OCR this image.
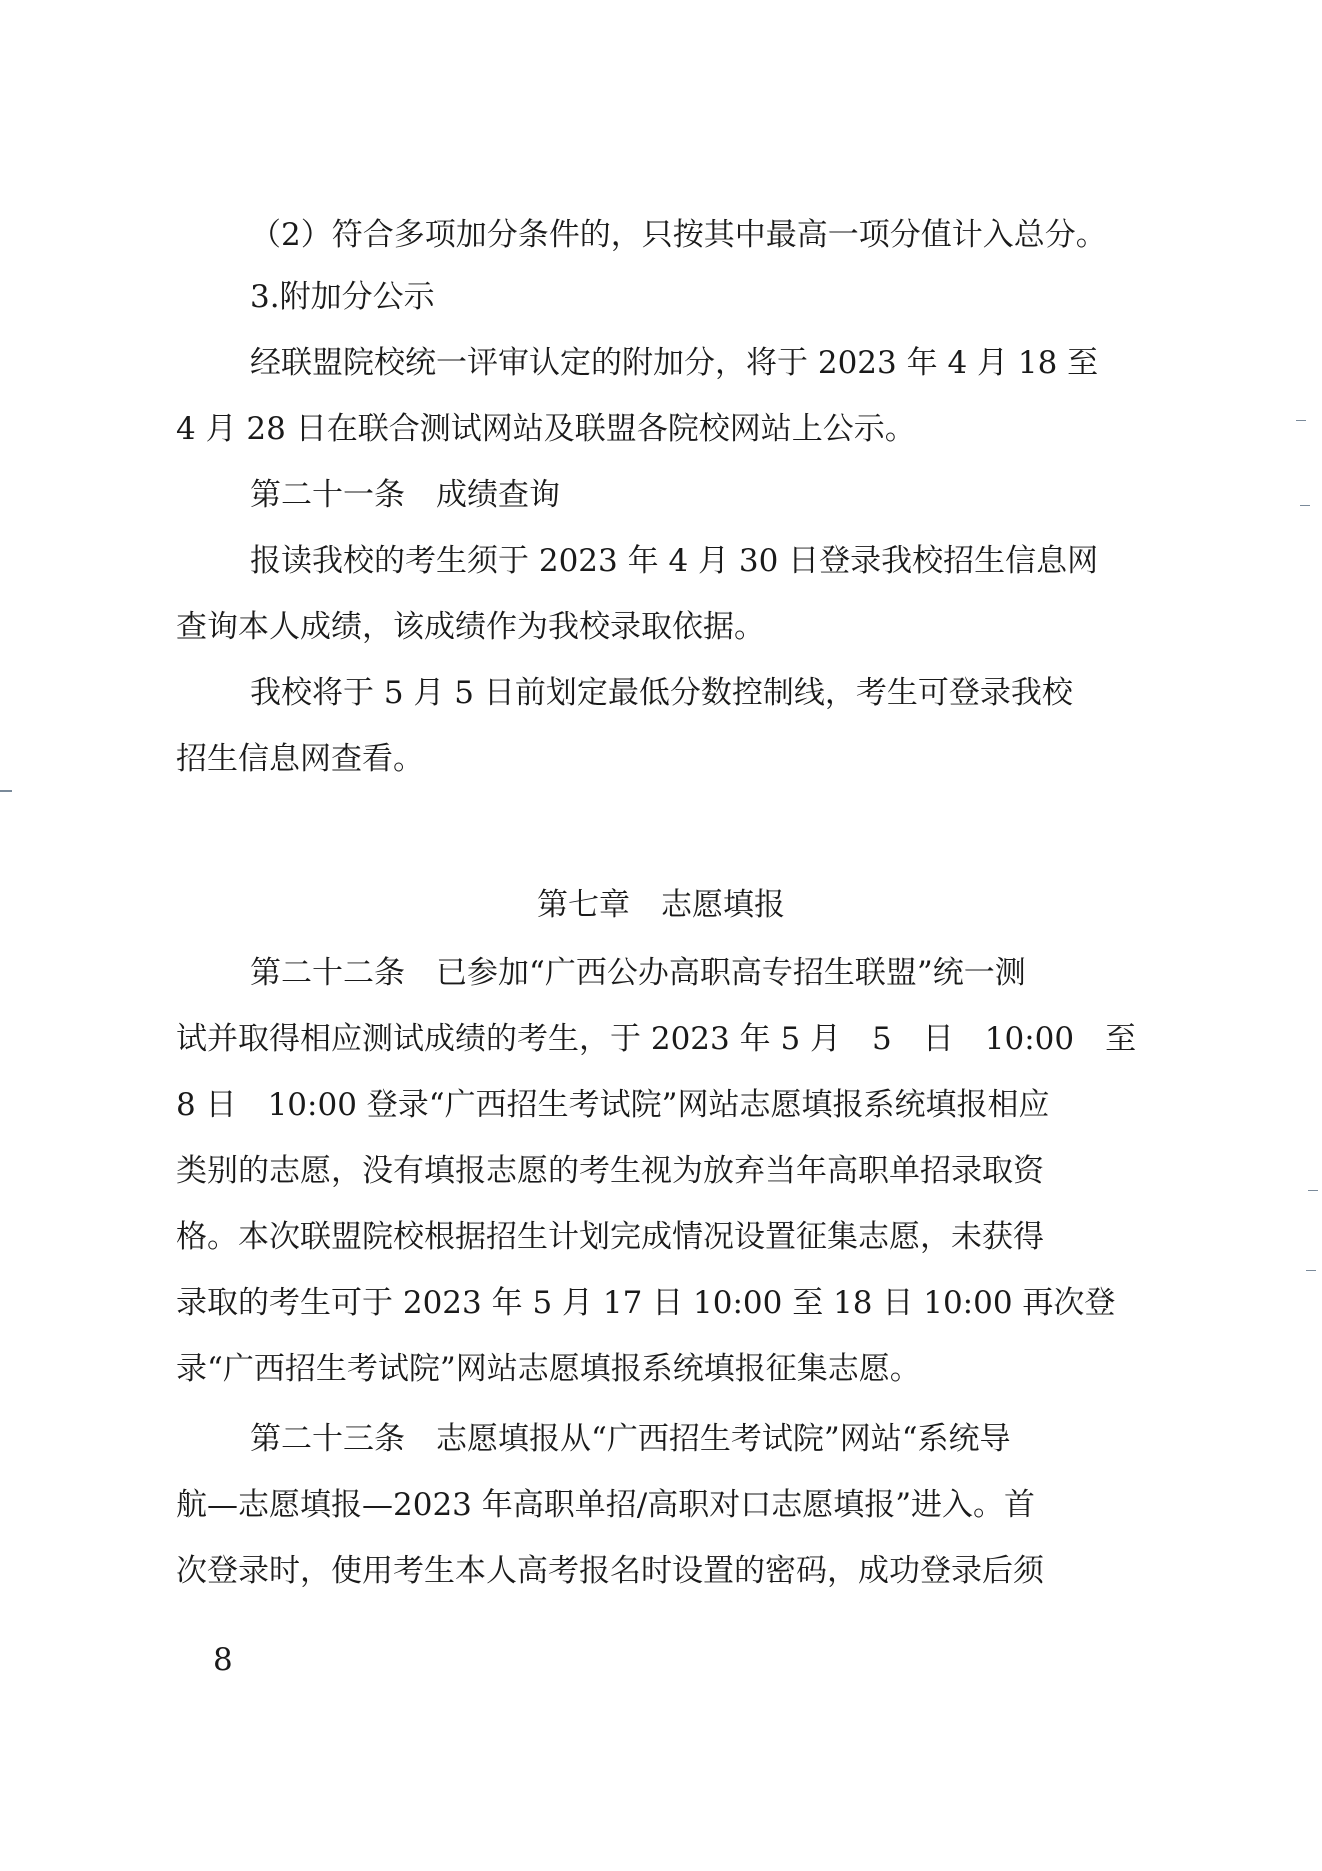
（2）符合多项加分条件的，只按其中最高一项分值计入总分。
3.附加分公示
经联盟院校统一评审认定的附加分，将于 2023 年 4 月 18 至
4 月 28 日在联合测试网站及联盟各院校网站上公示。
第二十一条　成绩查询
报读我校的考生须于 2023 年 4 月 30 日登录我校招生信息网
查询本人成绩，该成绩作为我校录取依据。
我校将于 5 月 5 日前划定最低分数控制线，考生可登录我校
招生信息网查看。
第七章　志愿填报
第二十二条　已参加“广西公办高职高专招生联盟”统一测
试并取得相应测试成绩的考生，于 2023 年 5 月　5　日　10:00　至
8 日　10:00 登录“广西招生考试院”网站志愿填报系统填报相应
类别的志愿，没有填报志愿的考生视为放弃当年高职单招录取资
格。本次联盟院校根据招生计划完成情况设置征集志愿，未获得
录取的考生可于 2023 年 5 月 17 日 10:00 至 18 日 10:00 再次登
录“广西招生考试院”网站志愿填报系统填报征集志愿。
第二十三条　志愿填报从“广西招生考试院”网站“系统导
航—志愿填报—2023 年高职单招/高职对口志愿填报”进入。首
次登录时，使用考生本人高考报名时设置的密码，成功登录后须
8
